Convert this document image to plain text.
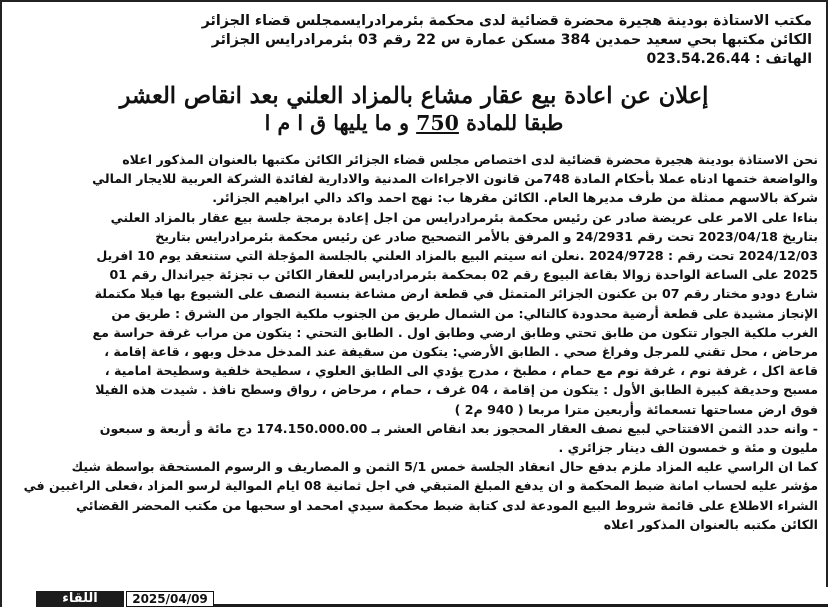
مكتب الاستاذة بودينة هجيرة محضرة قضائية لدى محكمة بئرمرادرايسمجلس قضاء الجزائر
الكائن مكتبها بحي سعيد حمدين 384 مسكن عمارة س 22 رقم 03 بئرمرادرايس الجزائر
الهاتف : 023.54.26.44
إعلان عن اعادة بيع عقار مشاع بالمزاد العلني بعد انقاص العشر
طبقا للمادة 750 و ما يليها ق ا م ا
نحن الاستاذة بودينة هجيرة محضرة قضائية لدى اختصاص مجلس قضاء الجزائر الكائن مكتبها بالعنوان المذكور اعلاه
والواضعة ختمها ادناه عملا بأحكام المادة 748من قانون الاجراءات المدنية والادارية لفائدة الشركة العربية للايجار المالي
شركة بالاسهم ممثلة من طرف مديرها العام. الكائن مقرها ب: نهج احمد واكد دالي ابراهيم الجزائر.
بناءا على الامر على عريضة صادر عن رئيس محكمة بئرمرادرايس من اجل إعادة برمجة جلسة بيع عقار بالمزاد العلني
بتاريخ 2023/04/18 تحت رقم 24/2931 و المرفق بالأمر التصحيح صادر عن رئيس محكمة بئرمرادرايس بتاريخ
2024/12/03 تحت رقم : 2024/9728 .نعلن انه سيتم البيع بالمزاد العلني بالجلسة المؤجلة التي ستنعقد يوم 10 افريل
2025 على الساعة الواحدة زوالا بقاعة البيوع رقم 02 بمحكمة بئرمرادرايس للعقار الكائن ب تجزئة جيراندال رقم 01
شارع دودو مختار رقم 07 بن عكنون الجزائر المتمثل في قطعة ارض مشاعة بنسبة النصف على الشيوع بها فيلا مكتملة
الإنجاز مشيدة على قطعة أرضية محدودة كالتالي: من الشمال طريق من الجنوب ملكية الجوار من الشرق : طريق من
الغرب ملكية الجوار تتكون من طابق تحتي وطابق ارضي وطابق اول . الطابق التحتي : يتكون من مراب غرفة حراسة مع
مرحاض ، محل تقني للمرجل وفراغ صحي . الطابق الأرضي: يتكون من سقيفة عند المدخل مدخل وبهو ، قاعة إقامة ،
قاعة اكل ، غرفة نوم ، غرفة نوم مع حمام ، مطبخ ، مدرج يؤدي الى الطابق العلوي ، سطيحة خلفية وسطيحة امامية ،
مسبح وحديقة كبيرة الطابق الأول : يتكون من إقامة ، 04 غرف ، حمام ، مرحاض ، رواق وسطح نافذ . شيدت هذه الفيلا
فوق ارض مساحتها تسعمائة وأربعين مترا مربعا ( 940 م2 )
- وانه حدد الثمن الافتتاحي لبيع نصف العقار المحجوز بعد انقاص العشر بـ 174.150.000.00 دج مائة و أربعة و سبعون
مليون و مئة و خمسون الف دينار جزائري .
كما ان الراسي عليه المزاد ملزم بدفع حال انعقاد الجلسة خمس 5/1 الثمن و المصاريف و الرسوم المستحقة بواسطة شيك
مؤشر عليه لحساب امانة ضبط المحكمة و ان يدفع المبلغ المتبقي في اجل ثمانية 08 ايام الموالية لرسو المزاد ،فعلى الراغبين في
الشراء الاطلاع على قائمة شروط البيع المودعة لدى كتابة ضبط محكمة سيدي امحمد او سحبها من مكتب المحضر القضائي
الكائن مكتبه بالعنوان المذكور اعلاه
2025/04/09
اللقاء
